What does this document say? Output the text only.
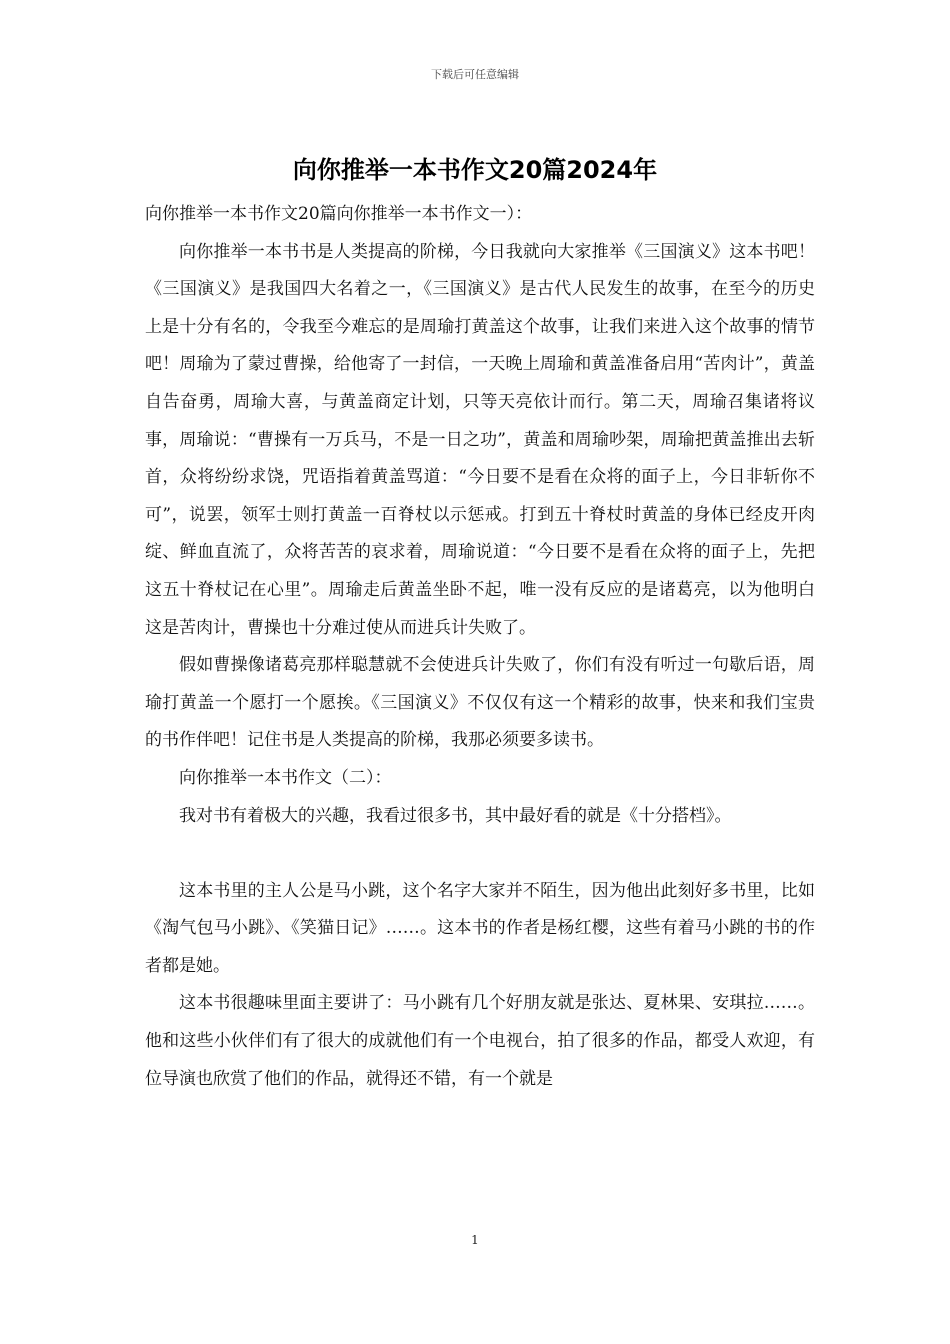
下载后可任意编辑
向你推举一本书作文20篇2024年

向你推举一本书作文20篇向你推举一本书作文一）：

向你推举一本书书是人类提高的阶梯，今日我就向大家推举《三国演义》这本书吧！《三国演义》是我国四大名着之一，《三国演义》是古代人民发生的故事，在至今的历史上是十分有名的，令我至今难忘的是周瑜打黄盖这个故事，让我们来进入这个故事的情节吧！周瑜为了蒙过曹操，给他寄了一封信，一天晚上周瑜和黄盖准备启用“苦肉计”，黄盖自告奋勇，周瑜大喜，与黄盖商定计划，只等天亮依计而行。第二天，周瑜召集诸将议事，周瑜说：“曹操有一万兵马，不是一日之功”，黄盖和周瑜吵架，周瑜把黄盖推出去斩首，众将纷纷求饶，咒语指着黄盖骂道：“今日要不是看在众将的面子上，今日非斩你不可”，说罢，领军士则打黄盖一百脊杖以示惩戒。打到五十脊杖时黄盖的身体已经皮开肉绽、鲜血直流了，众将苦苦的哀求着，周瑜说道：“今日要不是看在众将的面子上，先把这五十脊杖记在心里”。周瑜走后黄盖坐卧不起，唯一没有反应的是诸葛亮，以为他明白这是苦肉计，曹操也十分难过使从而进兵计失败了。

假如曹操像诸葛亮那样聪慧就不会使进兵计失败了，你们有没有听过一句歇后语，周瑜打黄盖一个愿打一个愿挨。《三国演义》不仅仅有这一个精彩的故事，快来和我们宝贵的书作伴吧！记住书是人类提高的阶梯，我那必须要多读书。

向你推举一本书作文（二）：

我对书有着极大的兴趣，我看过很多书，其中最好看的就是《十分搭档》。

这本书里的主人公是马小跳，这个名字大家并不陌生，因为他出此刻好多书里，比如《淘气包马小跳》、《笑猫日记》……。这本书的作者是杨红樱，这些有着马小跳的书的作者都是她。

这本书很趣味里面主要讲了：马小跳有几个好朋友就是张达、夏林果、安琪拉……。他和这些小伙伴们有了很大的成就他们有一个电视台，拍了很多的作品，都受人欢迎，有位导演也欣赏了他们的作品，就得还不错，有一个就是

1
